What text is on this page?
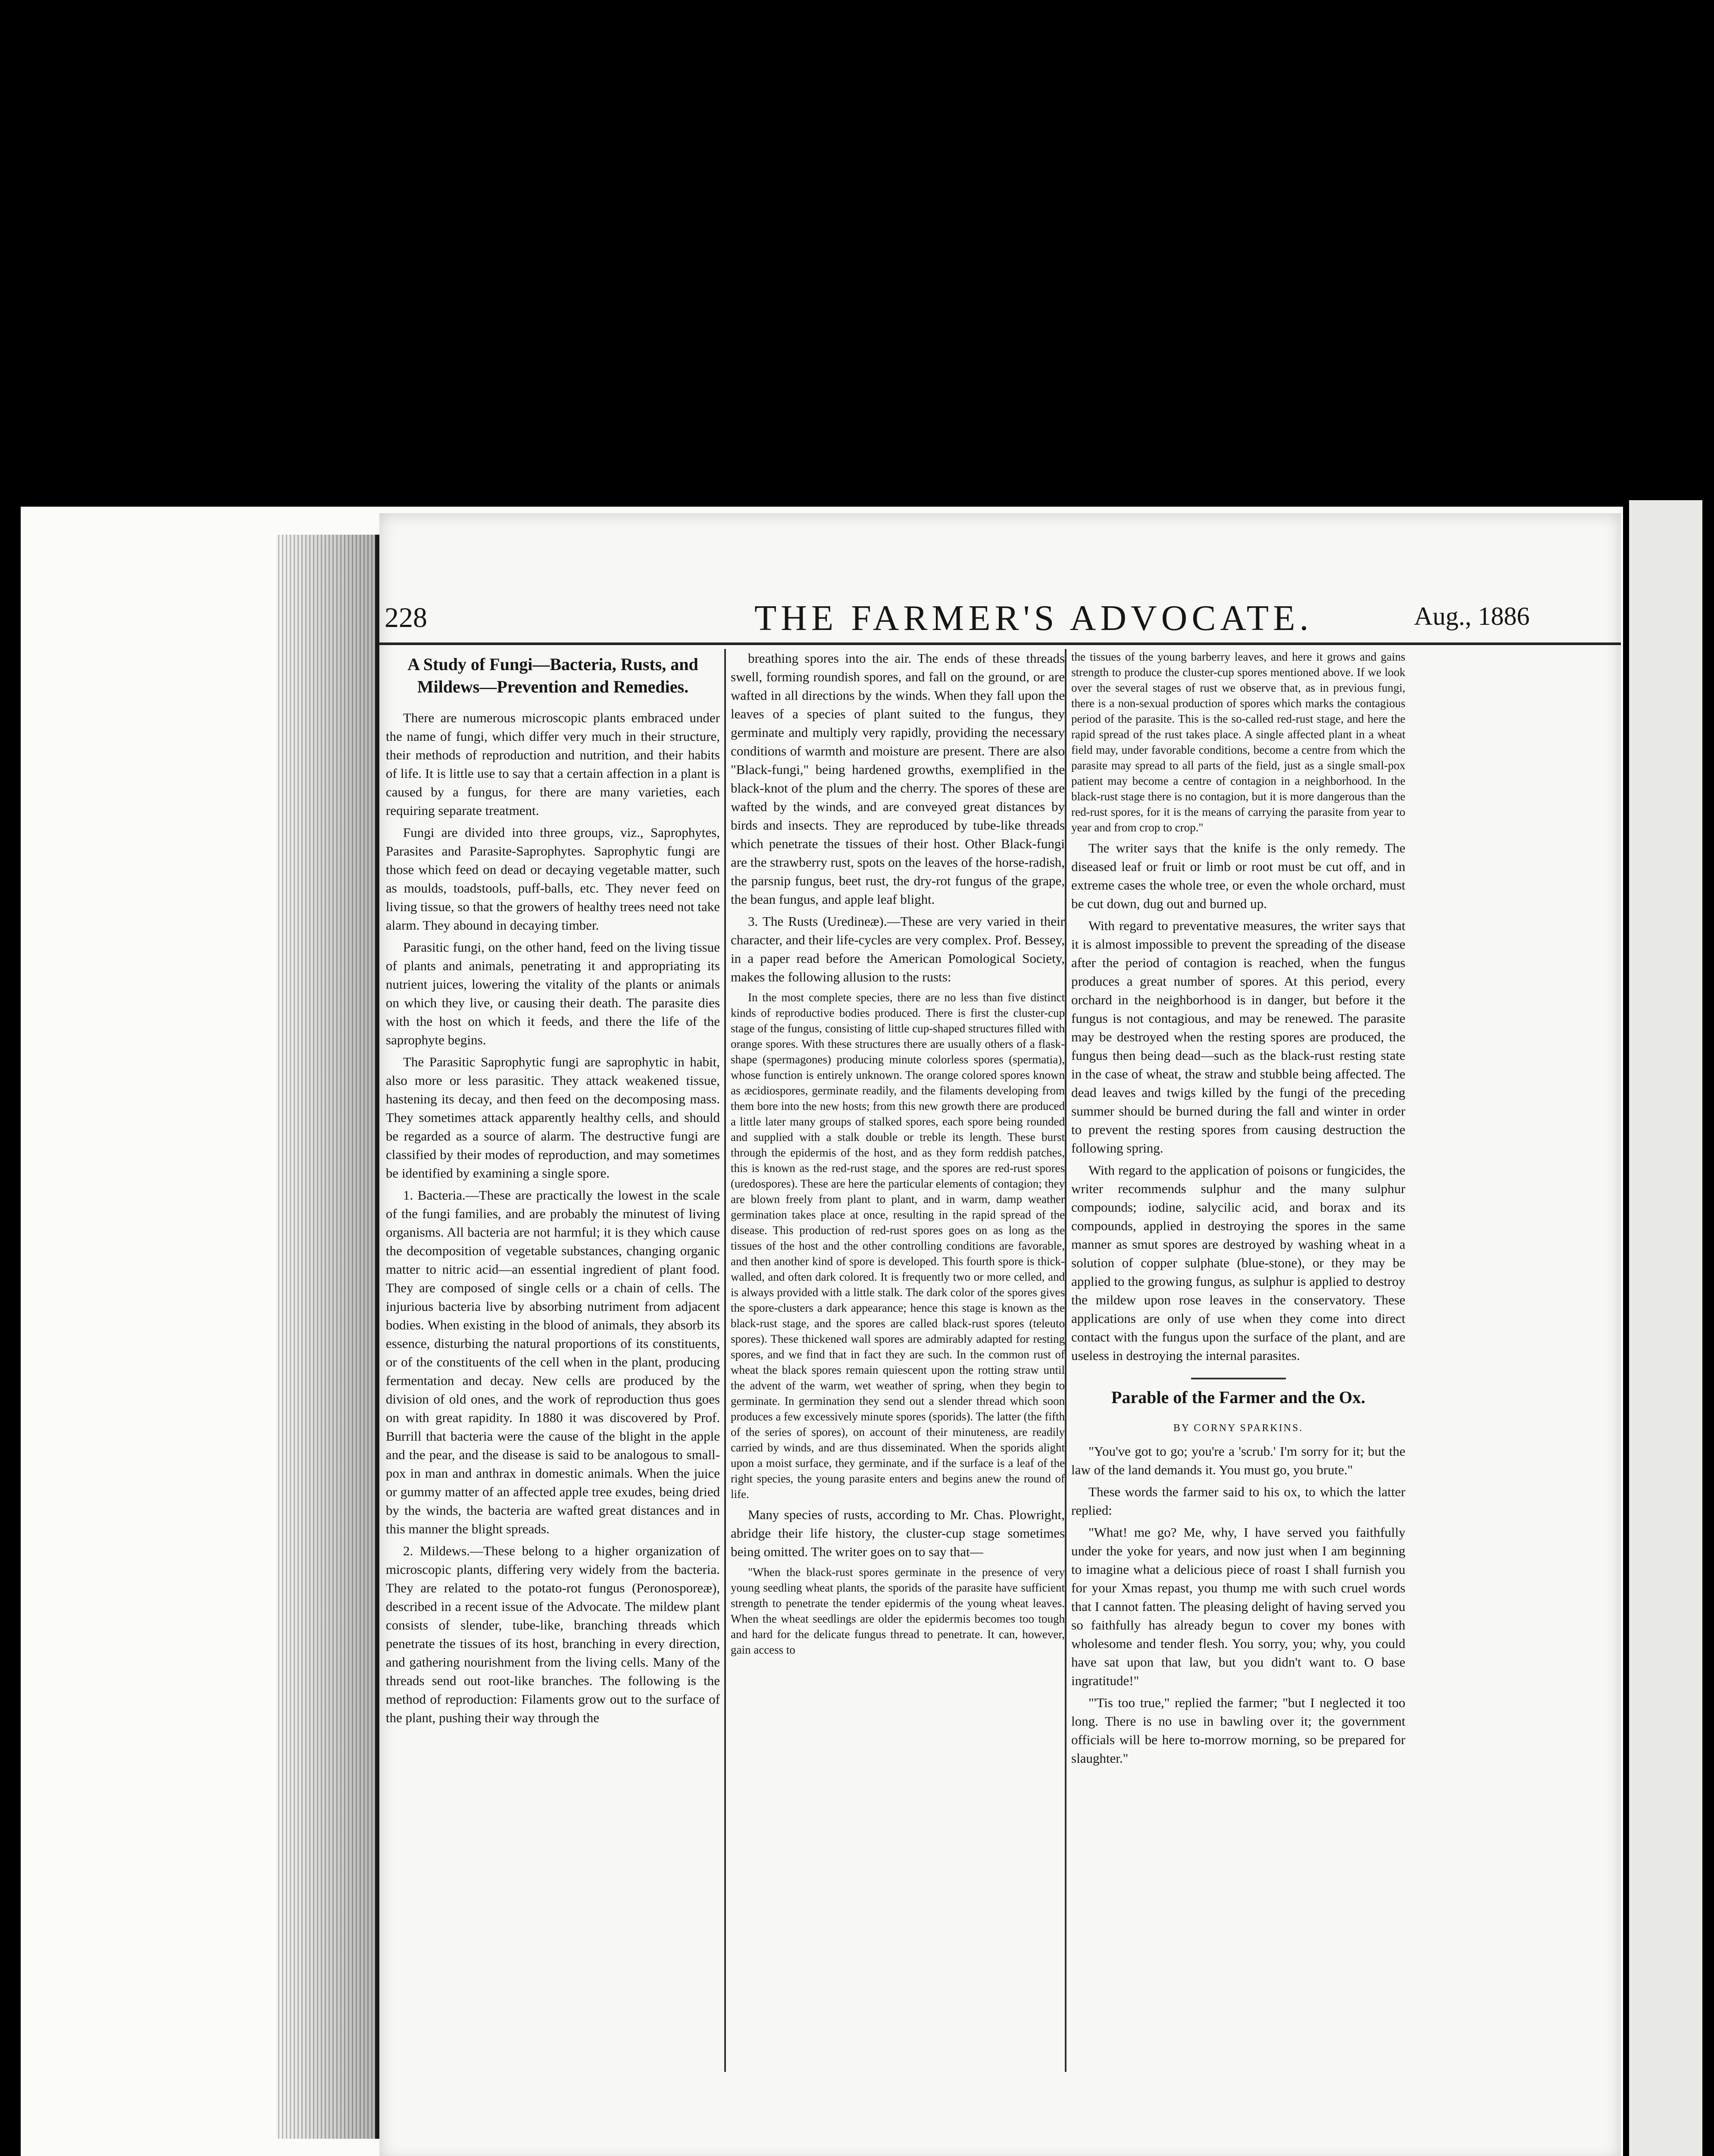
228	THE FARMER'S ADVOCATE.	Aug., 1886
A Study of Fungi—Bacteria, Rusts, and Mildews—Prevention and Remedies.

There are numerous microscopic plants embraced under the name of fungi, which differ very much in their structure, their methods of reproduction and nutrition, and their habits of life. It is little use to say that a certain affection in a plant is caused by a fungus, for there are many varieties, each requiring separate treatment.

Fungi are divided into three groups, viz., Saprophytes, Parasites and Parasite-Saprophytes. Saprophytic fungi are those which feed on dead or decaying vegetable matter, such as moulds, toadstools, puff-balls, etc. They never feed on living tissue, so that the growers of healthy trees need not take alarm. They abound in decaying timber.

Parasitic fungi, on the other hand, feed on the living tissue of plants and animals, penetrating it and appropriating its nutrient juices, lowering the vitality of the plants or animals on which they live, or causing their death. The parasite dies with the host on which it feeds, and there the life of the saprophyte begins.

The Parasitic Saprophytic fungi are saprophytic in habit, also more or less parasitic. They attack weakened tissue, hastening its decay, and then feed on the decomposing mass. They sometimes attack apparently healthy cells, and should be regarded as a source of alarm. The destructive fungi are classified by their modes of reproduction, and may sometimes be identified by examining a single spore.

1. Bacteria.—These are practically the lowest in the scale of the fungi families, and are probably the minutest of living organisms. All bacteria are not harmful; it is they which cause the decomposition of vegetable substances, changing organic matter to nitric acid—an essential ingredient of plant food. They are composed of single cells or a chain of cells. The injurious bacteria live by absorbing nutriment from adjacent bodies. When existing in the blood of animals, they absorb its essence, disturbing the natural proportions of its constituents, or of the constituents of the cell when in the plant, producing fermentation and decay. New cells are produced by the division of old ones, and the work of reproduction thus goes on with great rapidity. In 1880 it was discovered by Prof. Burrill that bacteria were the cause of the blight in the apple and the pear, and the disease is said to be analogous to small-pox in man and anthrax in domestic animals. When the juice or gummy matter of an affected apple tree exudes, being dried by the winds, the bacteria are wafted great distances and in this manner the blight spreads.

2. Mildews.—These belong to a higher organization of microscopic plants, differing very widely from the bacteria. They are related to the potato-rot fungus (Peronosporeæ), described in a recent issue of the Advocate. The mildew plant consists of slender, tube-like, branching threads which penetrate the tissues of its host, branching in every direction, and gathering nourishment from the living cells. Many of the threads send out root-like branches. The following is the method of reproduction: Filaments grow out to the surface of the plant, pushing their way through the

breathing spores into the air. The ends of these threads swell, forming roundish spores, and fall on the ground, or are wafted in all directions by the winds. When they fall upon the leaves of a species of plant suited to the fungus, they germinate and multiply very rapidly, providing the necessary conditions of warmth and moisture are present. There are also "Black-fungi," being hardened growths, exemplified in the black-knot of the plum and the cherry. The spores of these are wafted by the winds, and are conveyed great distances by birds and insects. They are reproduced by tube-like threads which penetrate the tissues of their host. Other Black-fungi are the strawberry rust, spots on the leaves of the horse-radish, the parsnip fungus, beet rust, the dry-rot fungus of the grape, the bean fungus, and apple leaf blight.

3. The Rusts (Uredineæ).—These are very varied in their character, and their life-cycles are very complex. Prof. Bessey, in a paper read before the American Pomological Society, makes the following allusion to the rusts:

In the most complete species, there are no less than five distinct kinds of reproductive bodies produced. There is first the cluster-cup stage of the fungus, consisting of little cup-shaped structures filled with orange spores. With these structures there are usually others of a flask-shape (spermagones) producing minute colorless spores (spermatia), whose function is entirely unknown. The orange colored spores known as æcidiospores, germinate readily, and the filaments developing from them bore into the new hosts; from this new growth there are produced a little later many groups of stalked spores, each spore being rounded and supplied with a stalk double or treble its length. These burst through the epidermis of the host, and as they form reddish patches, this is known as the red-rust stage, and the spores are red-rust spores (uredospores). These are here the particular elements of contagion; they are blown freely from plant to plant, and in warm, damp weather germination takes place at once, resulting in the rapid spread of the disease. This production of red-rust spores goes on as long as the tissues of the host and the other controlling conditions are favorable, and then another kind of spore is developed. This fourth spore is thick-walled, and often dark colored. It is frequently two or more celled, and is always provided with a little stalk. The dark color of the spores gives the spore-clusters a dark appearance; hence this stage is known as the black-rust stage, and the spores are called black-rust spores (teleuto spores). These thickened wall spores are admirably adapted for resting spores, and we find that in fact they are such. In the common rust of wheat the black spores remain quiescent upon the rotting straw until the advent of the warm, wet weather of spring, when they begin to germinate. In germination they send out a slender thread which soon produces a few excessively minute spores (sporids). The latter (the fifth of the series of spores), on account of their minuteness, are readily carried by winds, and are thus disseminated. When the sporids alight upon a moist surface, they germinate, and if the surface is a leaf of the right species, the young parasite enters and begins anew the round of life.

Many species of rusts, according to Mr. Chas. Plowright, abridge their life history, the cluster-cup stage sometimes being omitted. The writer goes on to say that—

"When the black-rust spores germinate in the presence of very young seedling wheat plants, the sporids of the parasite have sufficient strength to penetrate the tender epidermis of the young wheat leaves. When the wheat seedlings are older the epidermis becomes too tough and hard for the delicate fungus thread to penetrate. It can, however, gain access to

the tissues of the young barberry leaves, and here it grows and gains strength to produce the cluster-cup spores mentioned above. If we look over the several stages of rust we observe that, as in previous fungi, there is a non-sexual production of spores which marks the contagious period of the parasite. This is the so-called red-rust stage, and here the rapid spread of the rust takes place. A single affected plant in a wheat field may, under favorable conditions, become a centre from which the parasite may spread to all parts of the field, just as a single small-pox patient may become a centre of contagion in a neighborhood. In the black-rust stage there is no contagion, but it is more dangerous than the red-rust spores, for it is the means of carrying the parasite from year to year and from crop to crop."

The writer says that the knife is the only remedy. The diseased leaf or fruit or limb or root must be cut off, and in extreme cases the whole tree, or even the whole orchard, must be cut down, dug out and burned up.

With regard to preventative measures, the writer says that it is almost impossible to prevent the spreading of the disease after the period of contagion is reached, when the fungus produces a great number of spores. At this period, every orchard in the neighborhood is in danger, but before it the fungus is not contagious, and may be renewed. The parasite may be destroyed when the resting spores are produced, the fungus then being dead—such as the black-rust resting state in the case of wheat, the straw and stubble being affected. The dead leaves and twigs killed by the fungi of the preceding summer should be burned during the fall and winter in order to prevent the resting spores from causing destruction the following spring.

With regard to the application of poisons or fungicides, the writer recommends sulphur and the many sulphur compounds; iodine, salycilic acid, and borax and its compounds, applied in destroying the spores in the same manner as smut spores are destroyed by washing wheat in a solution of copper sulphate (blue-stone), or they may be applied to the growing fungus, as sulphur is applied to destroy the mildew upon rose leaves in the conservatory. These applications are only of use when they come into direct contact with the fungus upon the surface of the plant, and are useless in destroying the internal parasites.

Parable of the Farmer and the Ox.
BY CORNY SPARKINS.

"You've got to go; you're a 'scrub.' I'm sorry for it; but the law of the land demands it. You must go, you brute."

These words the farmer said to his ox, to which the latter replied:

"What! me go? Me, why, I have served you faithfully under the yoke for years, and now just when I am beginning to imagine what a delicious piece of roast I shall furnish you for your Xmas repast, you thump me with such cruel words that I cannot fatten. The pleasing delight of having served you so faithfully has already begun to cover my bones with wholesome and tender flesh. You sorry, you; why, you could have sat upon that law, but you didn't want to. O base ingratitude!"

"'Tis too true," replied the farmer; "but I neglected it too long. There is no use in bawling over it; the government officials will be here to-morrow morning, so be prepared for slaughter."
